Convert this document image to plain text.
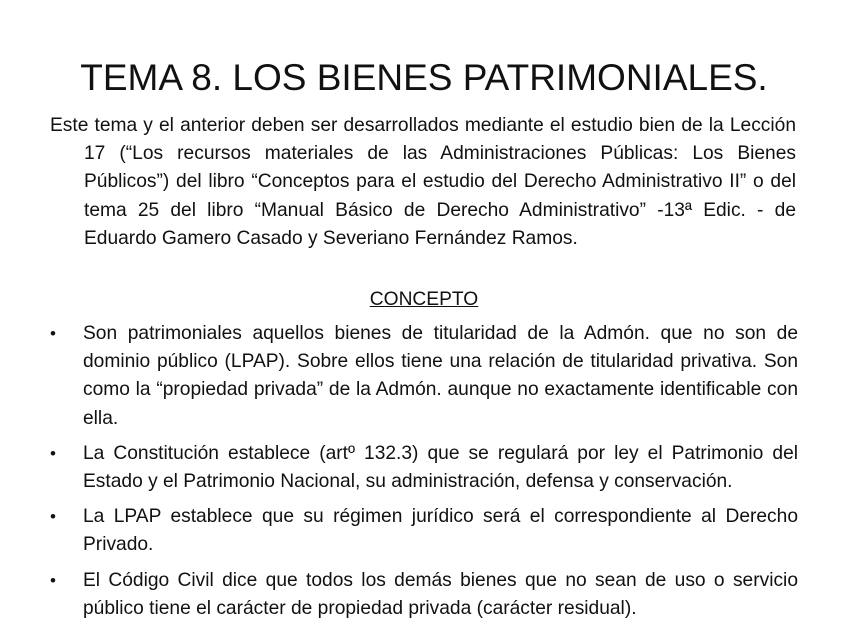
TEMA 8. LOS BIENES PATRIMONIALES.
Este tema y el anterior deben ser desarrollados mediante el estudio bien de la Lección 17 (“Los recursos materiales de las Administraciones Públicas: Los Bienes Públicos”) del libro “Conceptos para el estudio del Derecho Administrativo II” o del tema 25 del libro “Manual Básico de Derecho Administrativo” -13ª Edic. - de Eduardo Gamero Casado y Severiano Fernández Ramos.
CONCEPTO
•	Son patrimoniales aquellos bienes de titularidad de la Admón. que no son de dominio público (LPAP). Sobre ellos tiene una relación de titularidad privativa. Son como la “propiedad privada” de la Admón. aunque no exactamente identificable con ella.
•	La Constitución establece (artº 132.3) que se regulará por ley el Patrimonio del Estado y el Patrimonio Nacional, su administración, defensa y conservación.
•	La LPAP establece que su régimen jurídico será el correspondiente al Derecho Privado.
•	El Código Civil dice que todos los demás bienes que no sean de uso o servicio público tiene el carácter de propiedad privada (carácter residual).
